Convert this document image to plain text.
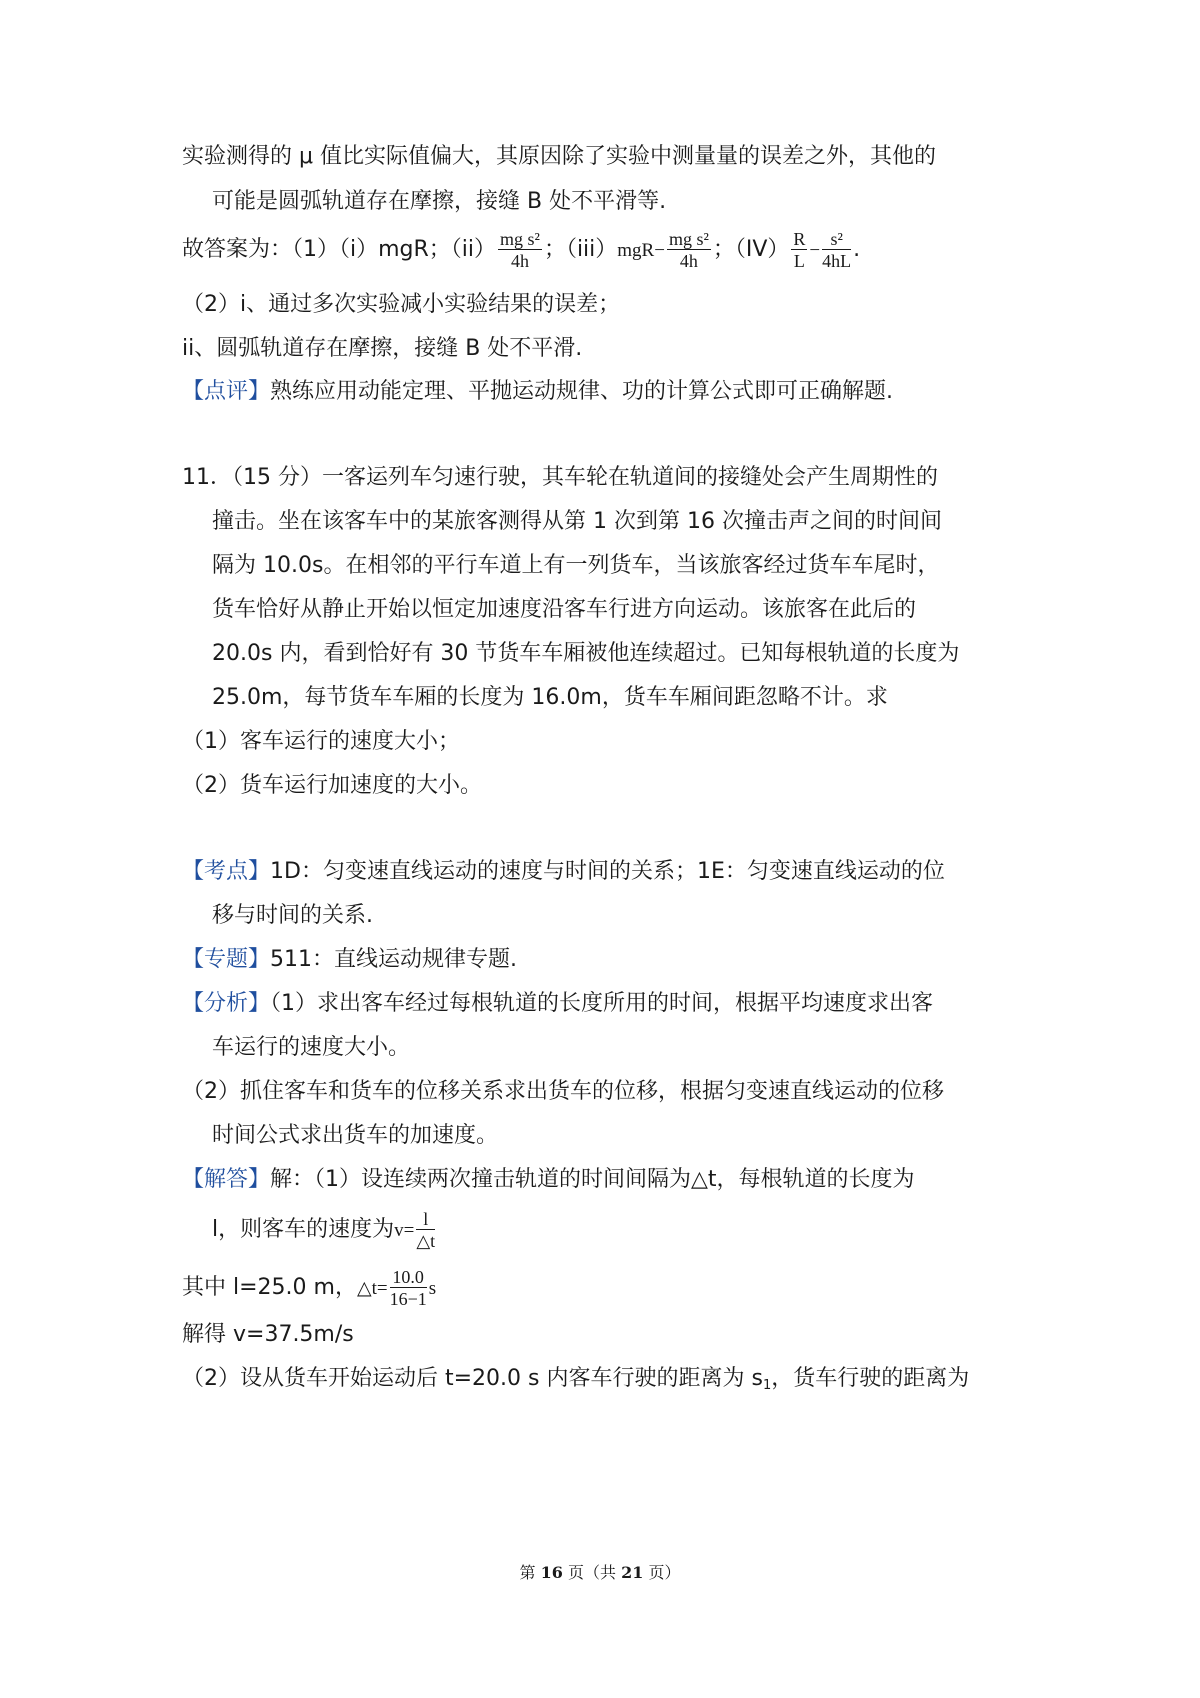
实验测得的 μ 值比实际值偏大，其原因除了实验中测量量的误差之外，其他的
可能是圆弧轨道存在摩擦，接缝 B 处不平滑等.
故答案为：（1）（i）mgR；$(ii) \frac{\text{mg s²}}{4h}$ ；$(iii)mgR- \frac{\text{mg s²}}{4h}$ ；$(IV) \frac{R}{L} - \frac{\text{s²}}{4hL}$ .
（2）i、通过多次实验减小实验结果的误差；
ii、圆弧轨道存在摩擦，接缝 B 处不平滑.
【点评】熟练应用动能定理、平抛运动规律、功的计算公式即可正确解题.
11．（15 分）一客运列车匀速行驶，其车轮在轨道间的接缝处会产生周期性的
撞击。坐在该客车中的某旅客测得从第 1 次到第 16 次撞击声之间的时间间
隔为 10.0s。在相邻的平行车道上有一列货车，当该旅客经过货车车尾时，
货车恰好从静止开始以恒定加速度沿客车行进方向运动。该旅客在此后的
20.0s 内，看到恰好有 30 节货车车厢被他连续超过。已知每根轨道的长度为
25.0m，每节货车车厢的长度为 16.0m，货车车厢间距忽略不计。求
（1）客车运行的速度大小；
（2）货车运行加速度的大小。
【考点】1D：匀变速直线运动的速度与时间的关系；1E：匀变速直线运动的位
移与时间的关系.
【专题】511：直线运动规律专题.
【分析】（1）求出客车经过每根轨道的长度所用的时间，根据平均速度求出客
车运行的速度大小。
（2）抓住客车和货车的位移关系求出货车的位移，根据匀变速直线运动的位移
时间公式求出货车的加速度。
【解答】解：（1）设连续两次撞击轨道的时间间隔为△t，每根轨道的长度为
l，则客车的速度为$v= \frac{l}{\triangle t}$
其中 l=25.0 m，△t= $\frac{10.0}{16-1}$ s
解得 v=37.5m/s
（2）设从货车开始运动后 t=20.0 s 内客车行驶的距离为 $s_1$，货车行驶的距离为
第 16 页（共 21 页）
